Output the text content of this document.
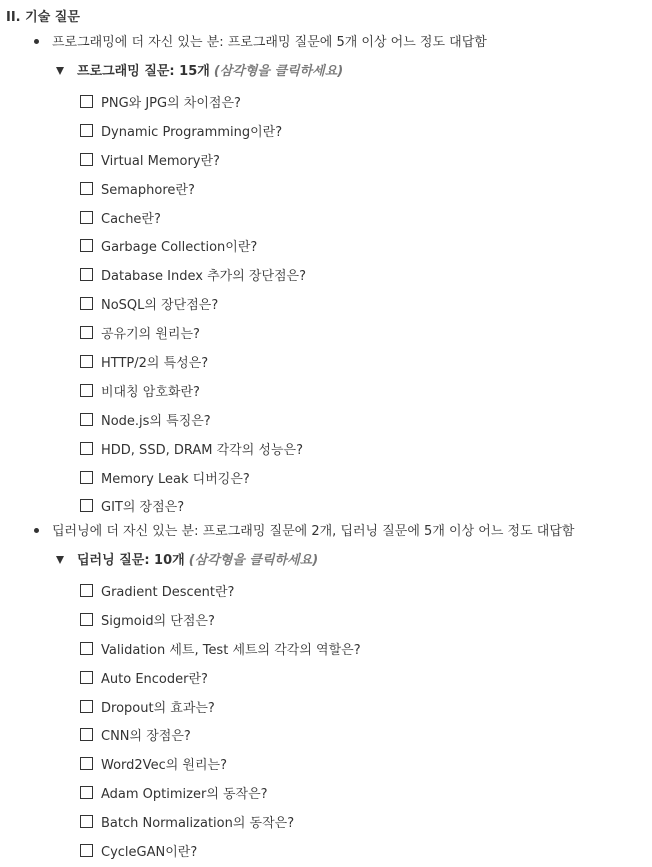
II. 기술 질문
프로그래밍에 더 자신 있는 분: 프로그래밍 질문에 5개 이상 어느 정도 대답함
프로그래밍 질문: 15개 (삼각형을 클릭하세요)
PNG와 JPG의 차이점은?
Dynamic Programming이란?
Virtual Memory란?
Semaphore란?
Cache란?
Garbage Collection이란?
Database Index 추가의 장단점은?
NoSQL의 장단점은?
공유기의 원리는?
HTTP/2의 특성은?
비대칭 암호화란?
Node.js의 특징은?
HDD, SSD, DRAM 각각의 성능은?
Memory Leak 디버깅은?
GIT의 장점은?
딥러닝에 더 자신 있는 분: 프로그래밍 질문에 2개, 딥러닝 질문에 5개 이상 어느 정도 대답함
딥러닝 질문: 10개 (삼각형을 클릭하세요)
Gradient Descent란?
Sigmoid의 단점은?
Validation 세트, Test 세트의 각각의 역할은?
Auto Encoder란?
Dropout의 효과는?
CNN의 장점은?
Word2Vec의 원리는?
Adam Optimizer의 동작은?
Batch Normalization의 동작은?
CycleGAN이란?
